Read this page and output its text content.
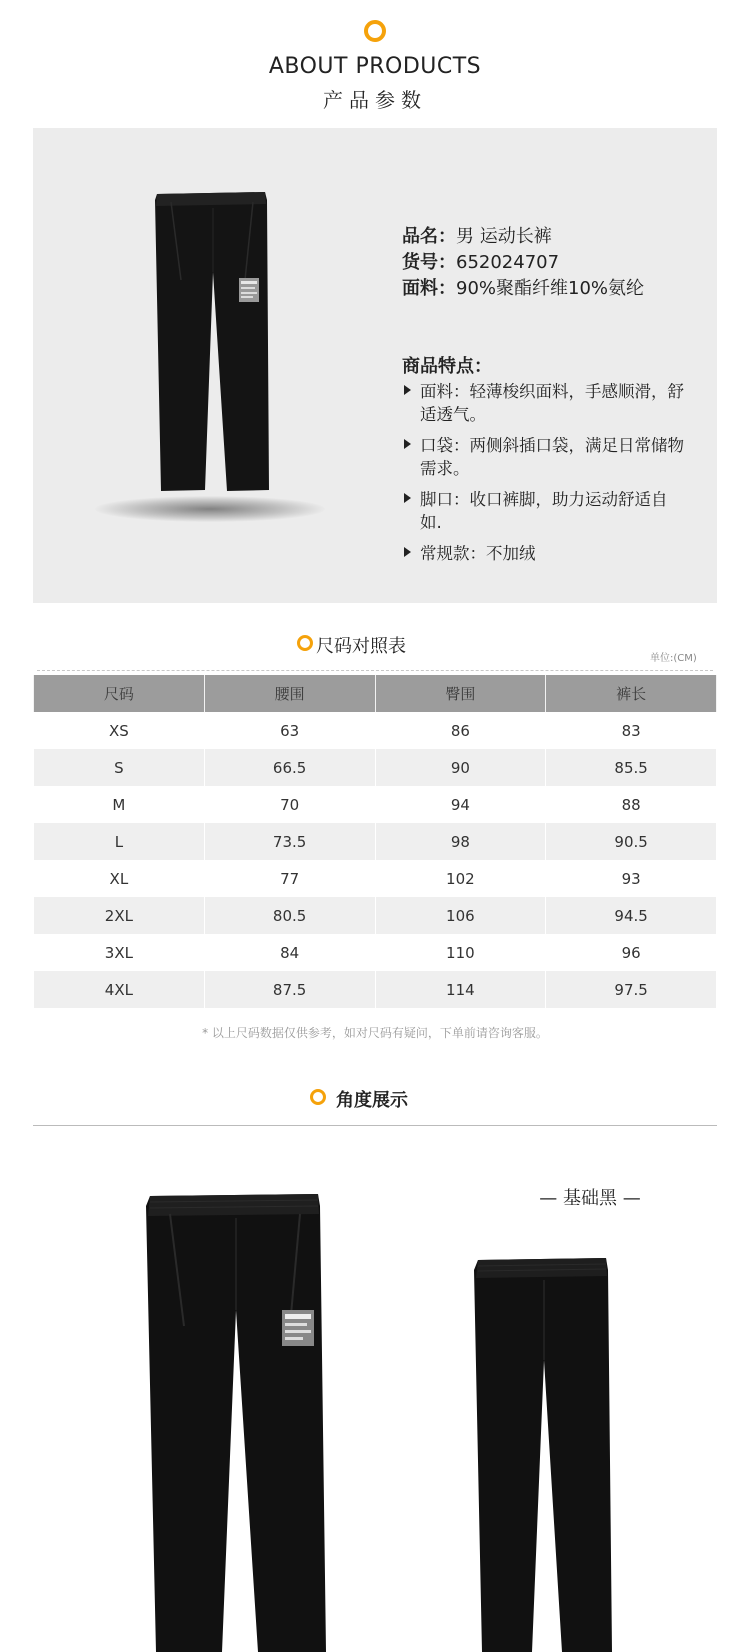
ABOUT PRODUCTS
产品参数
品名：男 运动长裤
货号：652024707
面料：90%聚酯纤维10%氨纶
商品特点：
面料：轻薄梭织面料，手感顺滑，舒适透气。
口袋：两侧斜插口袋，满足日常储物需求。
脚口：收口裤脚，助力运动舒适自如.
常规款：不加绒
尺码对照表
单位:(CM)
尺码	腰围	臀围	裤长
XS	63	86	83
S	66.5	90	85.5
M	70	94	88
L	73.5	98	90.5
XL	77	102	93
2XL	80.5	106	94.5
3XL	84	110	96
4XL	87.5	114	97.5
* 以上尺码数据仅供参考，如对尺码有疑问，下单前请咨询客服。
角度展示
— 基础黑 —
